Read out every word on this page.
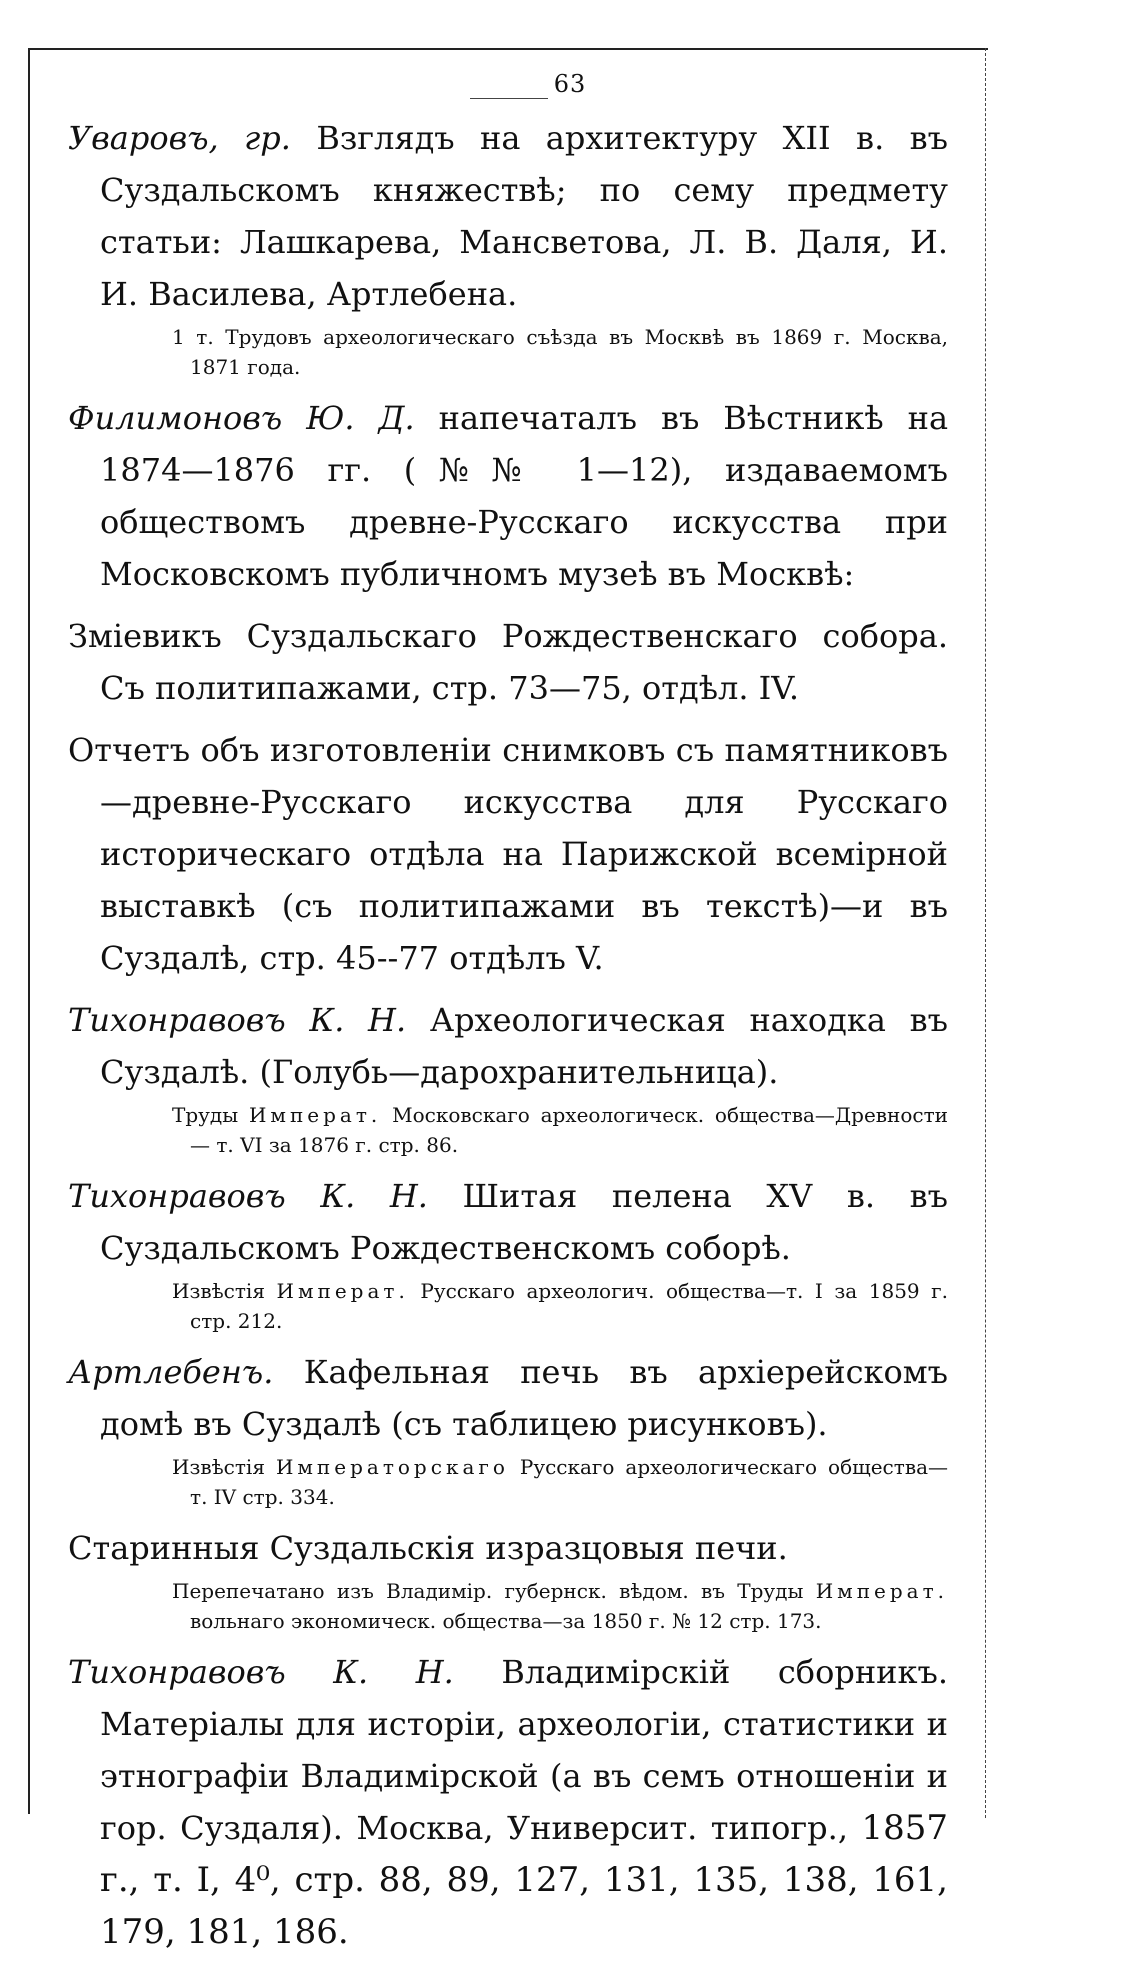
63
Уваровъ, гр. Взглядъ на архитектуру XII в. въ Суздальскомъ княжествѣ; по сему предмету статьи: Лашкарева, Мансветова, Л. В. Даля, И. И. Василева, Артлебена.
1 т. Трудовъ археологическаго съѣзда въ Москвѣ въ 1869 г. Москва, 1871 года.
Филимоновъ Ю. Д. напечаталъ въ Вѣстникѣ на 1874—1876 гг. (№№ 1—12), издаваемомъ обществомъ древне-Русскаго искусства при Московскомъ публичномъ музеѣ въ Москвѣ:
Зміевикъ Суздальскаго Рождественскаго собора. Съ политипажами, стр. 73—75, отдѣл. IV.
Отчетъ объ изготовленіи снимковъ съ памятниковъ—древне-Русскаго искусства для Русскаго историческаго отдѣла на Парижской всемірной выставкѣ (съ политипажами въ текстѣ)—и въ Суздалѣ, стр. 45--77 отдѣлъ V.
Тихонравовъ К. Н. Археологическая находка въ Суздалѣ. (Голубь—дарохранительница).
Труды Императ. Московскаго археологическ. общества—Древности— т. VI за 1876 г. стр. 86.
Тихонравовъ К. Н. Шитая пелена XV в. въ Суздальскомъ Рождественскомъ соборѣ.
Извѣстія Императ. Русскаго археологич. общества—т. I за 1859 г. стр. 212.
Артлебенъ. Кафельная печь въ архіерейскомъ домѣ въ Суздалѣ (съ таблицею рисунковъ).
Извѣстія Императорскаго Русскаго археологическаго общества— т. IV стр. 334.
Старинныя Суздальскія изразцовыя печи.
Перепечатано изъ Владимір. губернск. вѣдом. въ Труды Императ. вольнаго экономическ. общества—за 1850 г. № 12 стр. 173.
Тихонравовъ К. Н. Владимірскій сборникъ. Матеріалы для исторіи, археологіи, статистики и этнографіи Владимірской (а въ семъ отношеніи и гор. Суздаля). Москва, Университ. типогр., 1857 г., т. I, 4⁰, стр. 88, 89, 127, 131, 135, 138, 161, 179, 181, 186.
